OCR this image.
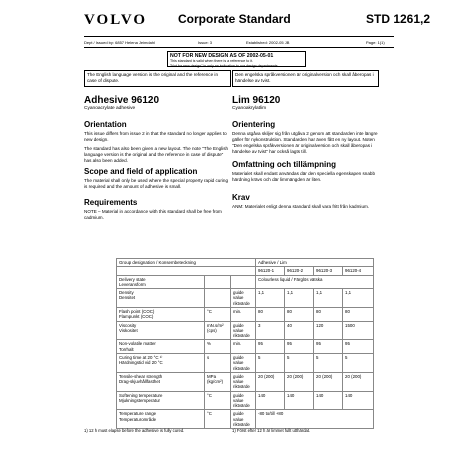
VOLVO	Corporate Standard	STD 1261,2
Dept / Issued by: 6857 Helena Jeimdahl	Issue: 3	Established: 2002-05 JB	Page: 1(1)
NOT FOR NEW DESIGN AS OF 2002-05-01
This standard is valid when there is a reference to it.
"Not for new design" is only an indication to our design departments.
The English language version is the original and the reference in case of dispute.
Den engelska språkversionen är originalversion och skall åberopas i händelse av tvist.
Adhesive 96120
Cyanoacrylate adhesive
Orientation
This issue differs from issue 2 in that the standard no longer applies to new design.
The standard has also been given a new layout. The note "The English language version is the original and the reference in case of dispute" has also been added.
Scope and field of application
The material shall only be used where the special property rapid curing is required and the amount of adhesive is small.
Requirements
NOTE – Material in accordance with this standard shall be free from cadmium.
Lim 96120
Cyanoakrylatlim
Orientering
Denna utgåva skiljer sig från utgåva 2 genom att standarden inte längre gäller för nykonstruktion. Standarden har även fått en ny layout. Noten "Den engelska språkversionen är originalversion och skall åberopas i händelse av tvist" har också lagts till.
Omfattning och tillämpning
Materialet skall endast användas där den speciella egenskapen snabb härdning krävs och där limmängden är liten.
Krav
ANM: Materialet enligt denna standard skall vara fritt från kadmium.
Group designation / Konsembeteckning			Adhesive / Lim			
			96120-1	96120-2	96120-3	96120-4

Delivery state
Leveransform			Colourless liquid / Färglös vätska			

Density
Densitet		guide value riktvärde	1,1	1,1	1,1	1,1

Flash point (COC)
Flampunkt (COC)	°C	min.	80	80	80	80

Viscosity
Viskositet	mN.s/m² (cps)	guide value riktvärde	3	40	120	1500

Non-volatile matter
Torrhalt	%	min.	95	95	95	95

Curing time at 20 °C ¹⁾
Härdningstid vid 20 °C	s	guide value riktvärde	5	5	5	5

Tensile-shear strength
Drag-skjuvhållfasthet	MPa (kg/cm²)	guide value riktvärde	20 (200)	20 (200)	20 (200)	20 (200)

Softening temperature
Mjukningstemperatur	°C	guide value riktvärde	140	140	140	140

Temperature range
Temperaturområde	°C	guide value riktvärde	-80 to/till +80			
1) 12 h must elapse before the adhesive is fully cured.	1) Först efter 12 h är limmet fullt utthärdat.
